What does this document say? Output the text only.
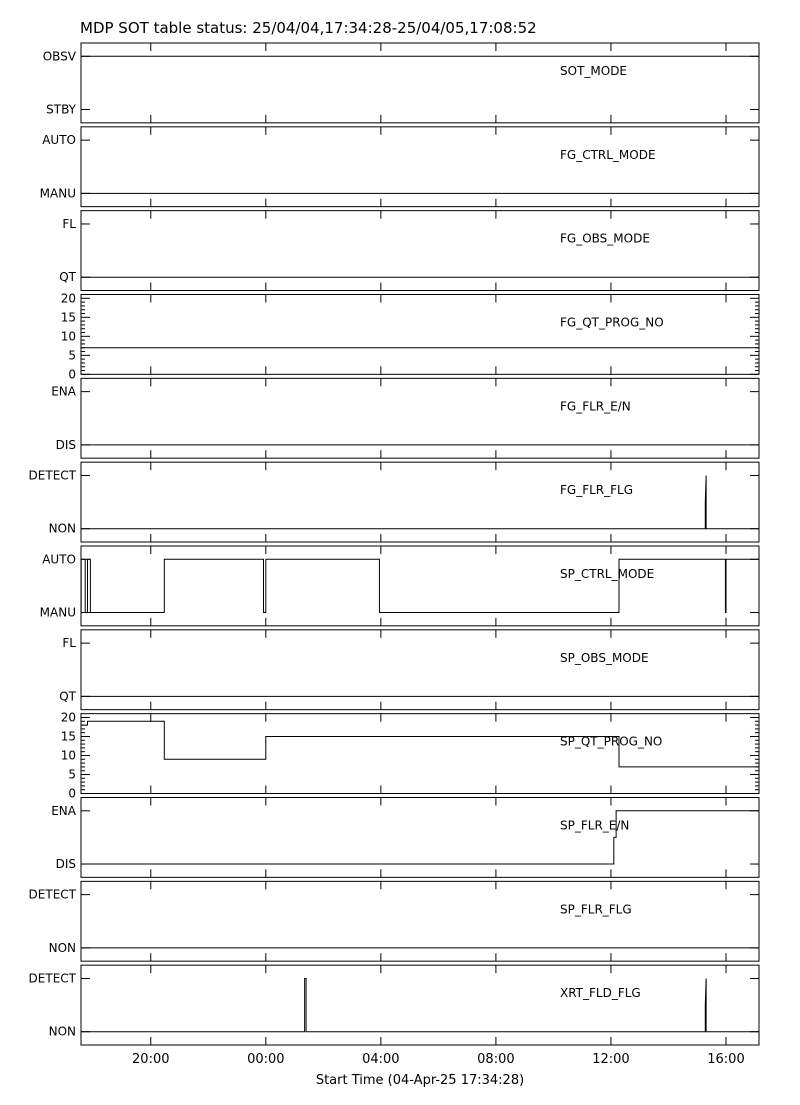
MDP SOT table status: 25/04/04,17:34:28-25/04/05,17:08:52
Start Time (04-Apr-25 17:34:28)
STBY
OBSV
SOT_MODE
MANU
AUTO
FG_CTRL_MODE
QT
FL
FG_OBS_MODE
0
5
10
15
20
FG_QT_PROG_NO
DIS
ENA
FG_FLR_E/N
NON
DETECT
FG_FLR_FLG
MANU
AUTO
SP_CTRL_MODE
QT
FL
SP_OBS_MODE
0
5
10
15
20
SP_QT_PROG_NO
DIS
ENA
SP_FLR_E/N
NON
DETECT
SP_FLR_FLG
NON
DETECT
XRT_FLD_FLG
20:00	00:00	04:00	08:00	12:00	16:00
